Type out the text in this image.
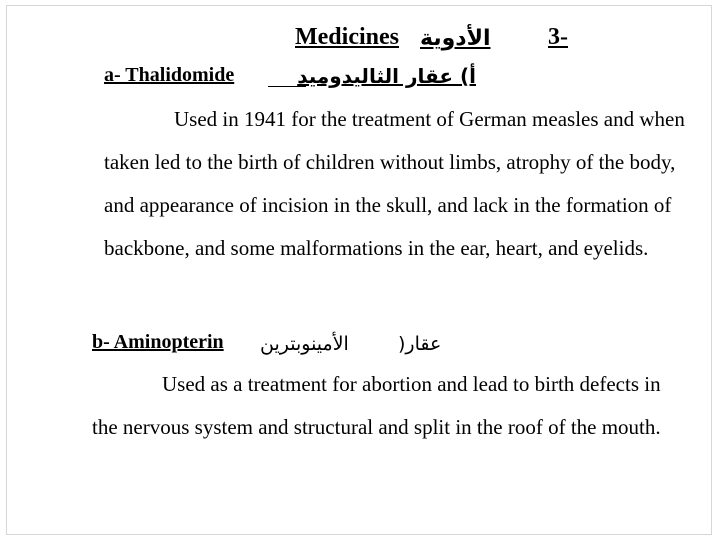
Medicines الأدوية	3-
a- Thalidomide	أ) عقار الثاليدوميد

Used in 1941 for the treatment of German measles and when taken led to the birth of children without limbs, atrophy of the body, and appearance of incision in the skull, and lack in the formation of backbone, and some malformations in the ear, heart, and eyelids.

b- Aminopterin الأمينوبترين	عقار(

Used as a treatment for abortion and lead to birth defects in the nervous system and structural and split in the roof of the mouth.
